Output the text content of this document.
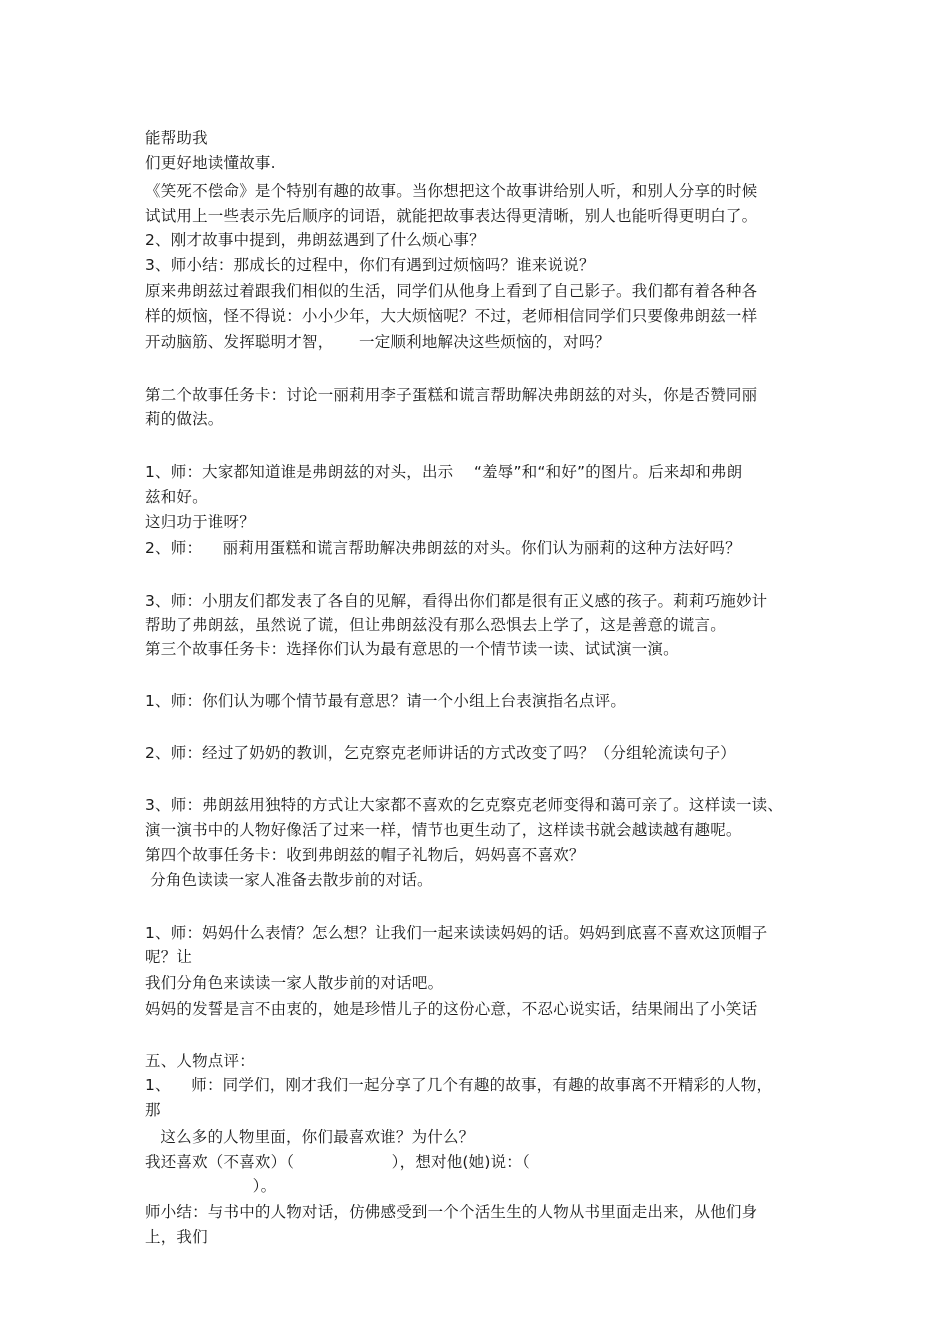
能帮助我
们更好地读懂故事.
《笑死不偿命》是个特别有趣的故事。当你想把这个故事讲给别人听，和别人分享的时候
试试用上一些表示先后顺序的词语，就能把故事表达得更清晰，别人也能听得更明白了。
2、刚才故事中提到，弗朗兹遇到了什么烦心事？
3、师小结：那成长的过程中，你们有遇到过烦恼吗？谁来说说？
原来弗朗兹过着跟我们相似的生活，同学们从他身上看到了自己影子。我们都有着各种各
样的烦恼，怪不得说：小小少年，大大烦恼呢？不过，老师相信同学们只要像弗朗兹一样
开动脑筋、发挥聪明才智，     一定顺利地解决这些烦恼的，对吗？
第二个故事任务卡：讨论一丽莉用李子蛋糕和谎言帮助解决弗朗兹的对头，你是否赞同丽
莉的做法。
1、师：大家都知道谁是弗朗兹的对头，出示    “羞辱”和“和好”的图片。后来却和弗朗
兹和好。
这归功于谁呀？
2、师：    丽莉用蛋糕和谎言帮助解决弗朗兹的对头。你们认为丽莉的这种方法好吗？
3、师：小朋友们都发表了各自的见解，看得出你们都是很有正义感的孩子。莉莉巧施妙计
帮助了弗朗兹，虽然说了谎，但让弗朗兹没有那么恐惧去上学了，这是善意的谎言。
第三个故事任务卡：选择你们认为最有意思的一个情节读一读、试试演一演。
1、师：你们认为哪个情节最有意思？请一个小组上台表演指名点评。
2、师：经过了奶奶的教训，乞克察克老师讲话的方式改变了吗？（分组轮流读句子）
3、师：弗朗兹用独特的方式让大家都不喜欢的乞克察克老师变得和蔼可亲了。这样读一读、
演一演书中的人物好像活了过来一样，情节也更生动了，这样读书就会越读越有趣呢。
第四个故事任务卡：收到弗朗兹的帽子礼物后，妈妈喜不喜欢？
分角色读读一家人准备去散步前的对话。
1、师：妈妈什么表情？怎么想？让我们一起来读读妈妈的话。妈妈到底喜不喜欢这顶帽子
呢？让
我们分角色来读读一家人散步前的对话吧。
妈妈的发誓是言不由衷的，她是珍惜儿子的这份心意，不忍心说实话，结果闹出了小笑话
五、人物点评：
1、    师：同学们，刚才我们一起分享了几个有趣的故事，有趣的故事离不开精彩的人物，
那
这么多的人物里面，你们最喜欢谁？为什么？
我还喜欢（不喜欢）（                   ），想对他(她)说：（
）。
师小结：与书中的人物对话，仿佛感受到一个个活生生的人物从书里面走出来，从他们身
上，我们
